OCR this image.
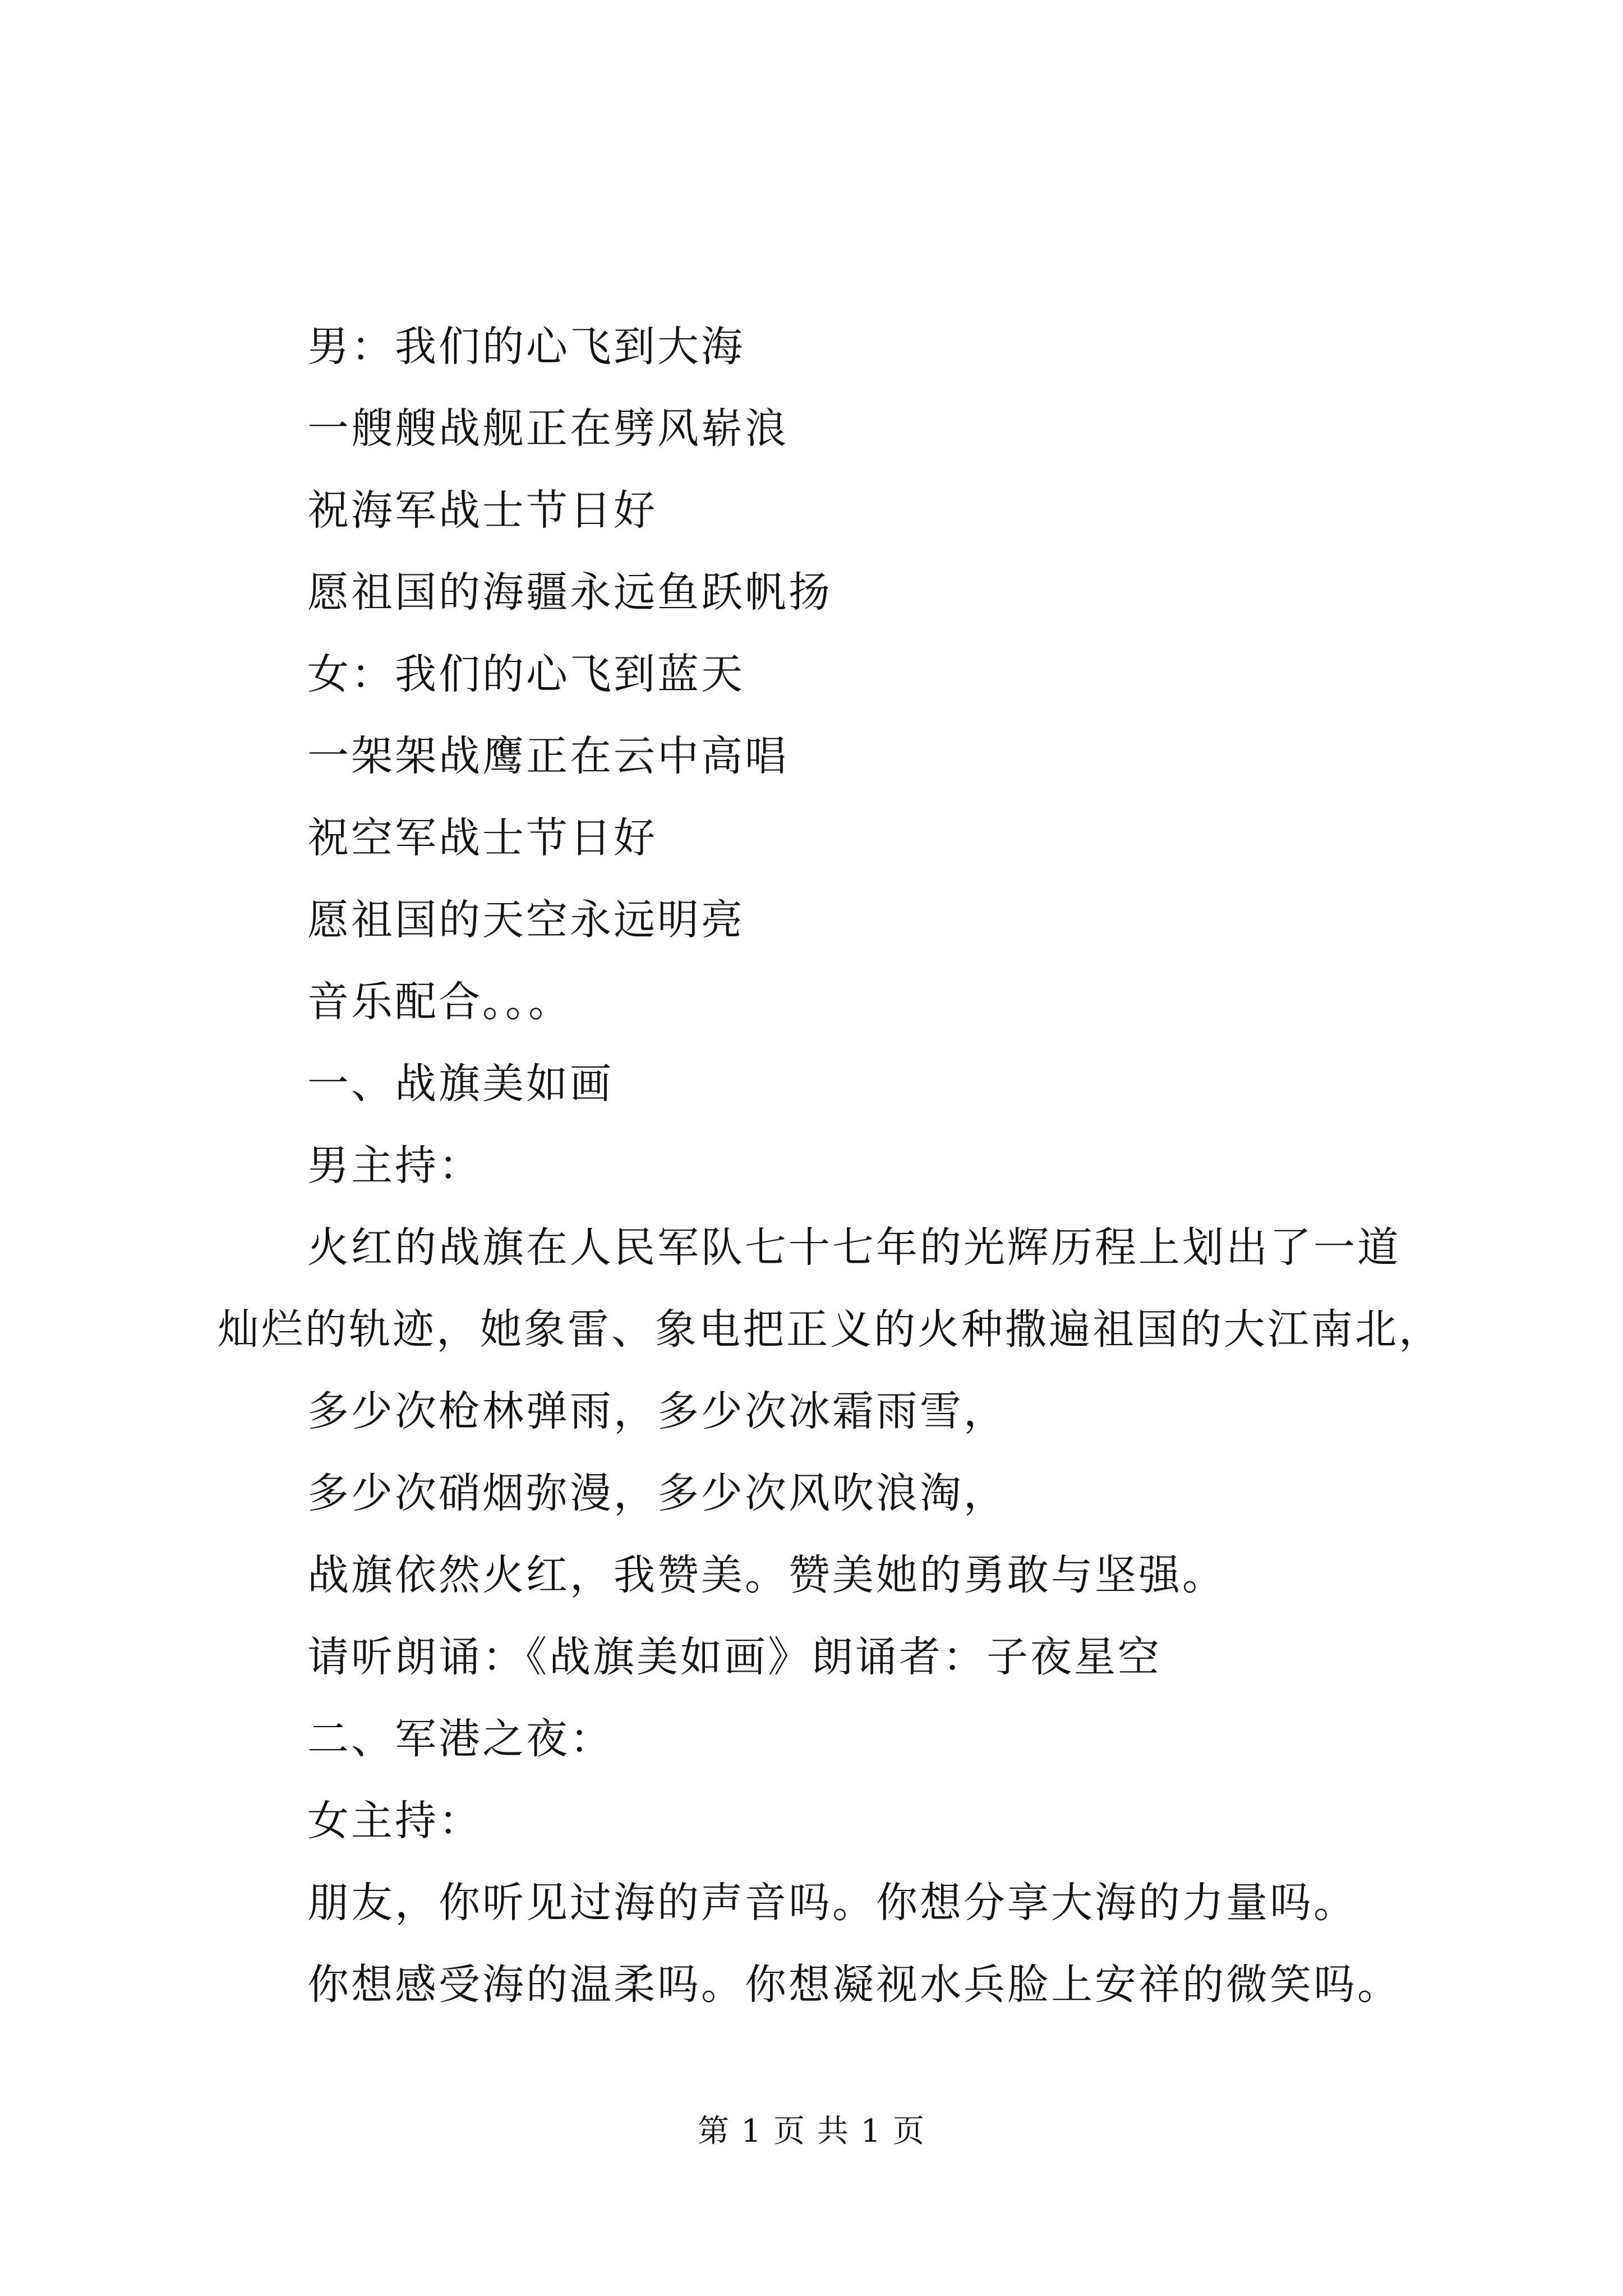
男：我们的心飞到大海

一艘艘战舰正在劈风崭浪

祝海军战士节日好

愿祖国的海疆永远鱼跃帆扬

女：我们的心飞到蓝天

一架架战鹰正在云中高唱

祝空军战士节日好

愿祖国的天空永远明亮

音乐配合。。。

一、战旗美如画

男主持：

火红的战旗在人民军队七十七年的光辉历程上划出了一道

灿烂的轨迹，她象雷、象电把正义的火种撒遍祖国的大江南北，

多少次枪林弹雨，多少次冰霜雨雪，

多少次硝烟弥漫，多少次风吹浪淘，

战旗依然火红，我赞美。赞美她的勇敢与坚强。

请听朗诵：《战旗美如画》朗诵者：子夜星空

二、军港之夜：

女主持：

朋友，你听见过海的声音吗。你想分享大海的力量吗。

你想感受海的温柔吗。你想凝视水兵脸上安祥的微笑吗。

第 1 页 共 1 页
